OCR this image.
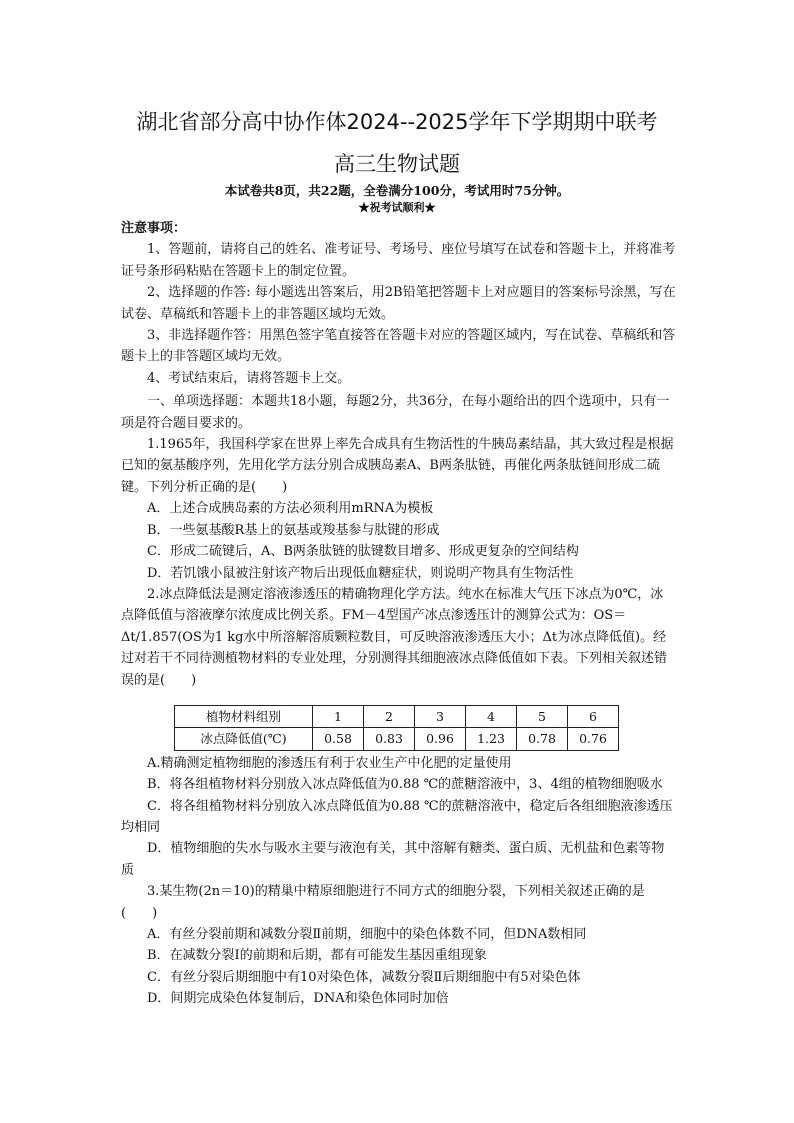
湖北省部分高中协作体2024--2025学年下学期期中联考
高三生物试题
本试卷共8页，共22题，全卷满分100分，考试用时75分钟。
★祝考试顺利★

注意事项：

1、答题前，请将自己的姓名、准考证号、考场号、座位号填写在试卷和答题卡上，并将准考证号条形码粘贴在答题卡上的制定位置。

2、选择题的作答: 每小题选出答案后，用2B铅笔把答题卡上对应题目的答案标号涂黑，写在试卷、草稿纸和答题卡上的非答题区域均无效。

3、非选择题作答：用黑色签字笔直接答在答题卡对应的答题区域内，写在试卷、草稿纸和答题卡上的非答题区域均无效。

4、考试结束后，请将答题卡上交。

一、单项选择题：本题共18小题，每题2分，共36分，在每小题给出的四个选项中，只有一项是符合题目要求的。

1.1965年，我国科学家在世界上率先合成具有生物活性的牛胰岛素结晶，其大致过程是根据已知的氨基酸序列，先用化学方法分别合成胰岛素A、B两条肽链，再催化两条肽链间形成二硫键。下列分析正确的是(　　)

A．上述合成胰岛素的方法必须利用mRNA为模板

B．一些氨基酸R基上的氨基或羧基参与肽键的形成

C．形成二硫键后，A、B两条肽链的肽键数目增多、形成更复杂的空间结构

D．若饥饿小鼠被注射该产物后出现低血糖症状，则说明产物具有生物活性

2.冰点降低法是测定溶液渗透压的精确物理化学方法。纯水在标准大气压下冰点为0℃，冰点降低值与溶液摩尔浓度成比例关系。FM－4型国产冰点渗透压计的测算公式为：OS＝Δt/1.857(OS为1 kg水中所溶解溶质颗粒数目，可反映溶液渗透压大小；Δt为冰点降低值)。经过对若干不同待测植物材料的专业处理，分别测得其细胞液冰点降低值如下表。下列相关叙述错误的是(　　)

植物材料组别	1	2	3	4	5	6
冰点降低值(℃)	0.58	0.83	0.96	1.23	0.78	0.76

A.精确测定植物细胞的渗透压有利于农业生产中化肥的定量使用

B．将各组植物材料分别放入冰点降低值为0.88 ℃的蔗糖溶液中，3、4组的植物细胞吸水

C．将各组植物材料分别放入冰点降低值为0.88 ℃的蔗糖溶液中，稳定后各组细胞液渗透压均相同

D．植物细胞的失水与吸水主要与液泡有关，其中溶解有糖类、蛋白质、无机盐和色素等物质

3.某生物(2n＝10)的精巢中精原细胞进行不同方式的细胞分裂，下列相关叙述正确的是(　　)

A．有丝分裂前期和减数分裂Ⅱ前期，细胞中的染色体数不同，但DNA数相同

B．在减数分裂Ⅰ的前期和后期，都有可能发生基因重组现象

C．有丝分裂后期细胞中有10对染色体，减数分裂Ⅱ后期细胞中有5对染色体

D．间期完成染色体复制后，DNA和染色体同时加倍
